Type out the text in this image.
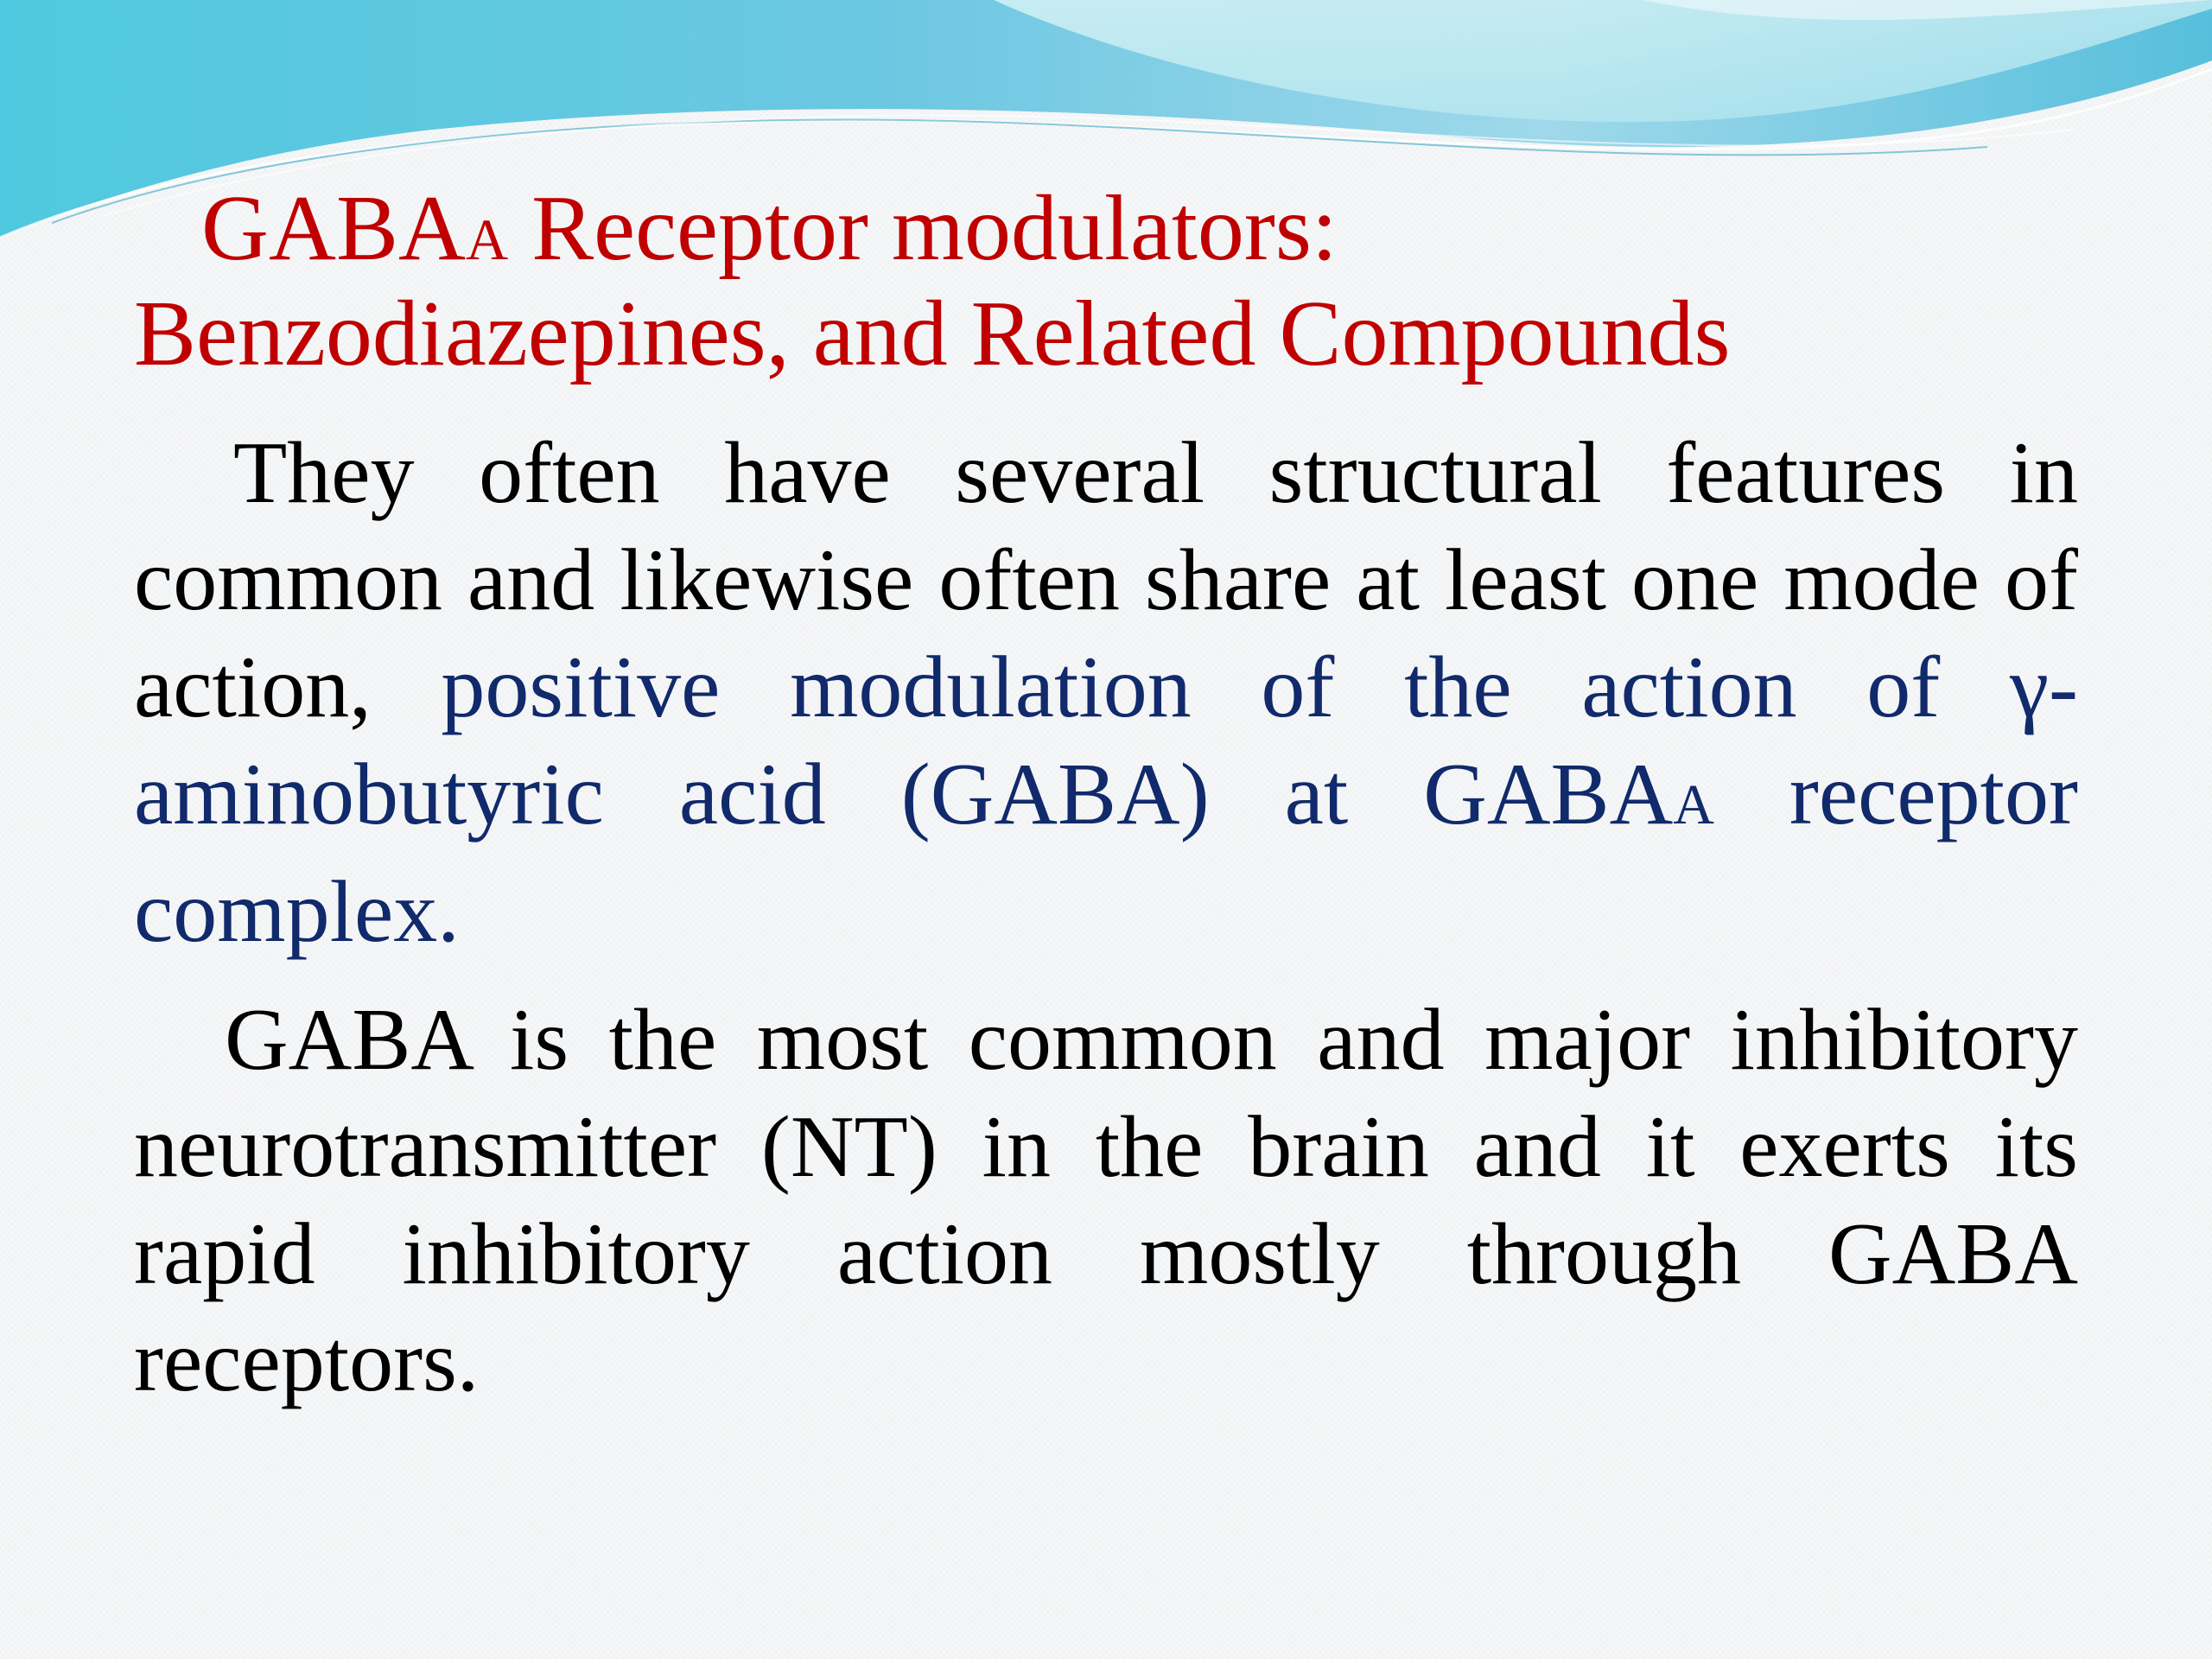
GABAA Receptor modulators:
Benzodiazepines, and Related Compounds

They often have several structural features in common and likewise often share at least one mode of action, positive modulation of the action of γ-aminobutyric acid (GABA) at GABAA receptor complex.

GABA is the most common and major inhibitory neurotransmitter (NT) in the brain and it exerts its rapid inhibitory action mostly through GABA receptors.
